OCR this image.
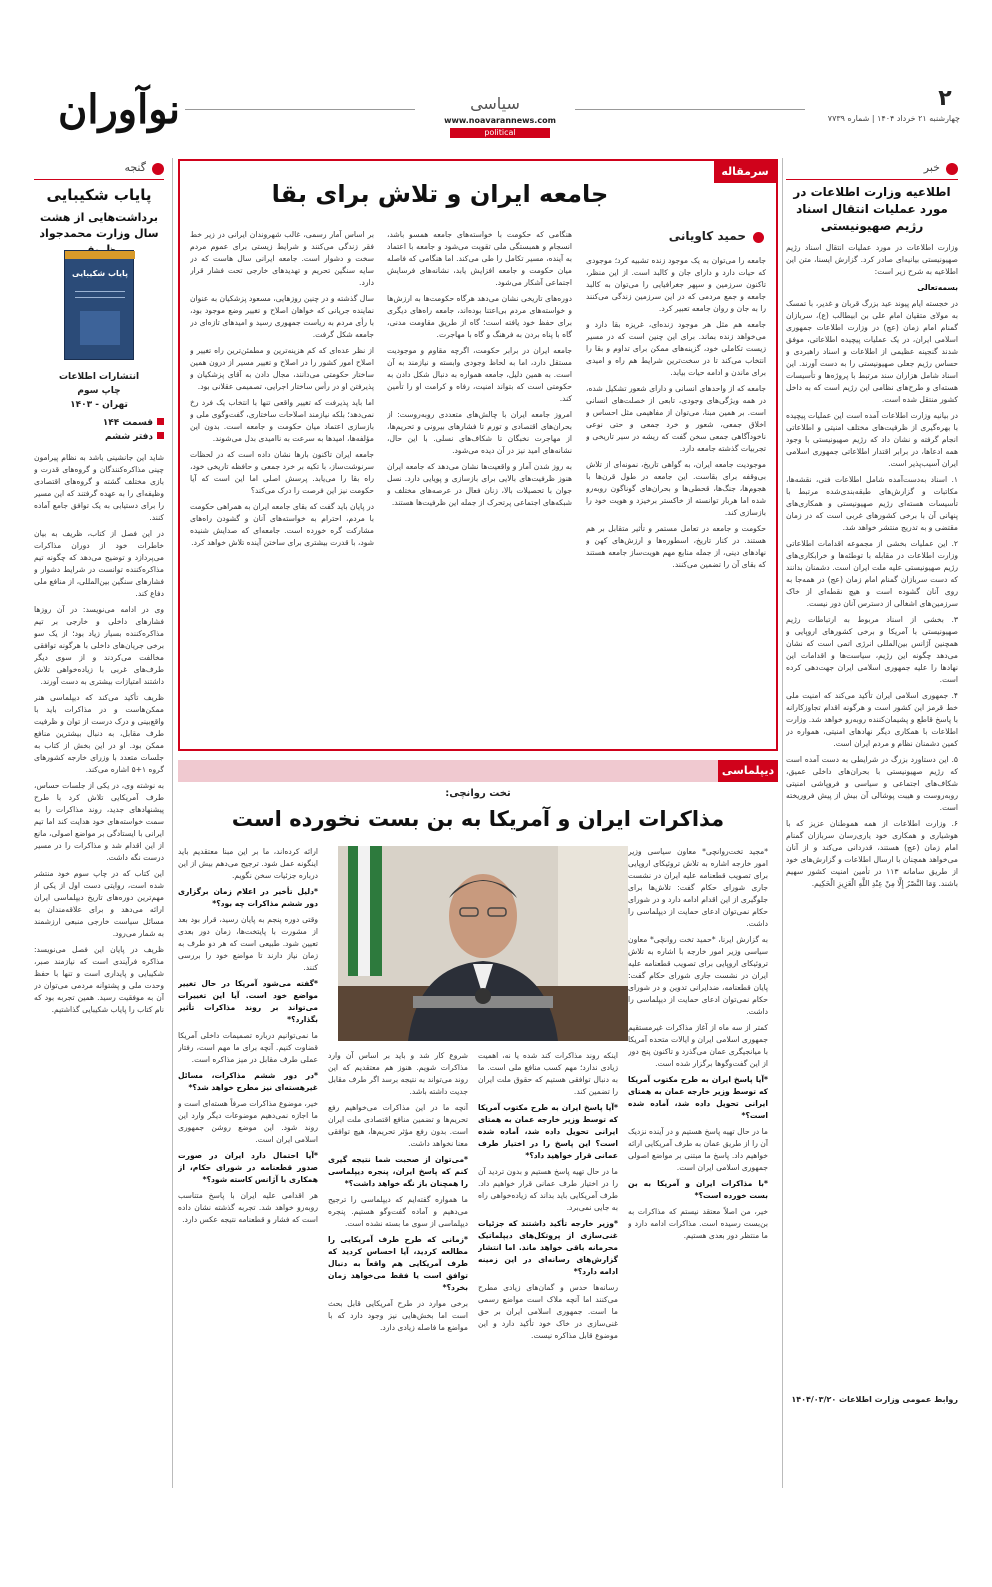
نوآوران	سیاسی
www.noavarannews.com
political
۲
چهارشنبه ۲۱ خرداد ۱۴۰۴ | شماره ۷۷۳۹
خبر
اطلاعیه وزارت اطلاعات در مورد عملیات انتقال اسناد رژیم صهیونیستی

وزارت اطلاعات در مورد عملیات انتقال اسناد رژیم صهیونیستی بیانیه‌ای صادر کرد. گزارش ایسنا، متن این اطلاعیه به شرح زیر است:

بسمه‌تعالی

در خجسته ایام پیوند عید بزرگ قربان و غدیر، با تمسک به مولای متقیان امام علی بن ابیطالب (ع)، سربازان گمنام امام زمان (عج) در وزارت اطلاعات جمهوری اسلامی ایران، در یک عملیات پیچیده اطلاعاتی، موفق شدند گنجینه عظیمی از اطلاعات و اسناد راهبردی و حساس رژیم جعلی صهیونیستی را به دست آورند. این اسناد شامل هزاران سند مرتبط با پروژه‌ها و تأسیسات هسته‌ای و طرح‌های نظامی این رژیم است که به داخل کشور منتقل شده است.

در بیانیه وزارت اطلاعات آمده است این عملیات پیچیده با بهره‌گیری از ظرفیت‌های مختلف امنیتی و اطلاعاتی انجام گرفته و نشان داد که رژیم صهیونیستی با وجود همه ادعاها، در برابر اقتدار اطلاعاتی جمهوری اسلامی ایران آسیب‌پذیر است.

۱. اسناد به‌دست‌آمده شامل اطلاعات فنی، نقشه‌ها، مکاتبات و گزارش‌های طبقه‌بندی‌شده مرتبط با تأسیسات هسته‌ای رژیم صهیونیستی و همکاری‌های پنهانی آن با برخی کشورهای غربی است که در زمان مقتضی و به تدریج منتشر خواهد شد.

۲. این عملیات بخشی از مجموعه اقدامات اطلاعاتی وزارت اطلاعات در مقابله با توطئه‌ها و خرابکاری‌های رژیم صهیونیستی علیه ملت ایران است. دشمنان بدانند که دست سربازان گمنام امام زمان (عج) در همه‌جا به روی آنان گشوده است و هیچ نقطه‌ای از خاک سرزمین‌های اشغالی از دسترس آنان دور نیست.

۳. بخشی از اسناد مربوط به ارتباطات رژیم صهیونیستی با آمریکا و برخی کشورهای اروپایی و همچنین آژانس بین‌المللی انرژی اتمی است که نشان می‌دهد چگونه این رژیم، سیاست‌ها و اقدامات این نهادها را علیه جمهوری اسلامی ایران جهت‌دهی کرده است.

۴. جمهوری اسلامی ایران تأکید می‌کند که امنیت ملی خط قرمز این کشور است و هرگونه اقدام تجاوزکارانه با پاسخ قاطع و پشیمان‌کننده روبه‌رو خواهد شد. وزارت اطلاعات با همکاری دیگر نهادهای امنیتی، همواره در کمین دشمنان نظام و مردم ایران است.

۵. این دستاورد بزرگ در شرایطی به دست آمده است که رژیم صهیونیستی با بحران‌های داخلی عمیق، شکاف‌های اجتماعی و سیاسی و فروپاشی امنیتی روبه‌روست و هیبت پوشالی آن بیش از پیش فروریخته است.

۶. وزارت اطلاعات از همه هموطنان عزیز که با هوشیاری و همکاری خود یاری‌رسان سربازان گمنام امام زمان (عج) هستند، قدردانی می‌کند و از آنان می‌خواهد همچنان با ارسال اطلاعات و گزارش‌های خود از طریق سامانه ۱۱۳ در تأمین امنیت کشور سهیم باشند. وَمَا النَّصْرُ إِلَّا مِنْ عِنْدِ اللَّهِ الْعَزِیزِ الْحَکِیم.

روابط عمومی وزارت اطلاعات ۱۴۰۴/۰۳/۲۰
گنجه
پایاب شکیبایی
برداشت‌هایی از هشت سال وزارت محمدجواد
پایاب شکیبایی
انتشارات اطلاعات
چاپ سوم
تهران - ۱۴۰۳
قسمت ۱۴۴
دفتر ششم

شاید این جانشینی باشد به نظام پیرامون چینی مذاکره‌کنندگان و گروه‌های قدرت و بازی مختلف گشته و گروه‌های اقتصادی وظیفه‌ای را به عهده گرفتند که این مسیر را برای دستیابی به یک توافق جامع آماده کنند.

در این فصل از کتاب، ظریف به بیان خاطرات خود از دوران مذاکرات می‌پردازد و توضیح می‌دهد که چگونه تیم مذاکره‌کننده توانست در شرایط دشوار و فشارهای سنگین بین‌المللی، از منافع ملی دفاع کند.

وی در ادامه می‌نویسد: در آن روزها فشارهای داخلی و خارجی بر تیم مذاکره‌کننده بسیار زیاد بود؛ از یک سو برخی جریان‌های داخلی با هرگونه توافقی مخالفت می‌کردند و از سوی دیگر طرف‌های غربی با زیاده‌خواهی تلاش داشتند امتیازات بیشتری به دست آورند.

ظریف تأکید می‌کند که دیپلماسی هنر ممکن‌هاست و در مذاکرات باید با واقع‌بینی و درک درست از توان و ظرفیت طرف مقابل، به دنبال بیشترین منافع ممکن بود. او در این بخش از کتاب به جلسات متعدد با وزرای خارجه کشورهای گروه ۱+۵ اشاره می‌کند.

به نوشته وی، در یکی از جلسات حساس، طرف آمریکایی تلاش کرد با طرح پیشنهادهای جدید، روند مذاکرات را به سمت خواسته‌های خود هدایت کند اما تیم ایرانی با ایستادگی بر مواضع اصولی، مانع از این اقدام شد و مذاکرات را در مسیر درست نگه داشت.

این کتاب که در چاپ سوم خود منتشر شده است، روایتی دست اول از یکی از مهم‌ترین دوره‌های تاریخ دیپلماسی ایران ارائه می‌دهد و برای علاقه‌مندان به مسائل سیاست خارجی منبعی ارزشمند به شمار می‌رود.

ظریف در پایان این فصل می‌نویسد: مذاکره فرآیندی است که نیازمند صبر، شکیبایی و پایداری است و تنها با حفظ وحدت ملی و پشتوانه مردمی می‌توان در آن به موفقیت رسید. همین تجربه بود که نام کتاب را پایاب شکیبایی گذاشتیم.

سرمقاله
جامعه ایران و تلاش برای بقا
حمید کاویانی

جامعه را می‌توان به یک موجود زنده تشبیه کرد؛ موجودی که حیات دارد و دارای جان و کالبد است. از این منظر، تاکنون سرزمین و سپهر جغرافیایی را می‌توان به کالبد جامعه و جمع مردمی که در این سرزمین زندگی می‌کنند را به جان و روان جامعه تعبیر کرد.

جامعه هم مثل هر موجود زنده‌ای، غریزه بقا دارد و می‌خواهد زنده بماند. برای این چنین است که در مسیر زیست تکاملی خود، گزینه‌های ممکن برای تداوم و بقا را انتخاب می‌کند تا در سخت‌ترین شرایط هم راه و امیدی برای ماندن و ادامه حیات بیابد.

جامعه که از واحدهای انسانی و دارای شعور تشکیل شده، در همه ویژگی‌های وجودی، تابعی از خصلت‌های انسانی است. بر همین مبنا، می‌توان از مفاهیمی مثل احساس و اخلاق جمعی، شعور و خرد جمعی و حتی نوعی ناخودآگاهی جمعی سخن گفت که ریشه در سیر تاریخی و تجربیات گذشته جامعه دارد.

موجودیت جامعه ایران، به گواهی تاریخ، نمونه‌ای از تلاش بی‌وقفه برای بقاست. این جامعه در طول قرن‌ها با هجوم‌ها، جنگ‌ها، قحطی‌ها و بحران‌های گوناگون روبه‌رو شده اما هربار توانسته از خاکستر برخیزد و هویت خود را بازسازی کند.

حکومت و جامعه در تعامل مستمر و تأثیر متقابل بر هم هستند. در کنار تاریخ، اسطوره‌ها و ارزش‌های کهن و نهادهای دینی، از جمله منابع مهم هویت‌ساز جامعه هستند که بقای آن را تضمین می‌کنند.

هنگامی که حکومت با خواسته‌های جامعه همسو باشد، انسجام و همبستگی ملی تقویت می‌شود و جامعه با اعتماد به آینده، مسیر تکامل را طی می‌کند. اما هنگامی که فاصله میان حکومت و جامعه افزایش یابد، نشانه‌های فرسایش اجتماعی آشکار می‌شود.

دوره‌های تاریخی نشان می‌دهد هرگاه حکومت‌ها به ارزش‌ها و خواسته‌های مردم بی‌اعتنا بوده‌اند، جامعه راه‌های دیگری برای حفظ خود یافته است؛ گاه از طریق مقاومت مدنی، گاه با پناه بردن به فرهنگ و گاه با مهاجرت.

جامعه ایران در برابر حکومت، اگرچه مقاوم و موجودیت مستقل دارد، اما به لحاظ وجودی وابسته و نیازمند به آن است. به همین دلیل، جامعه همواره به دنبال شکل دادن به حکومتی است که بتواند امنیت، رفاه و کرامت او را تأمین کند.

امروز جامعه ایران با چالش‌های متعددی روبه‌روست: از بحران‌های اقتصادی و تورم تا فشارهای بیرونی و تحریم‌ها، از مهاجرت نخبگان تا شکاف‌های نسلی. با این حال، نشانه‌های امید نیز در آن دیده می‌شود.

به روز شدن آمار و واقعیت‌ها نشان می‌دهد که جامعه ایران هنوز ظرفیت‌های بالایی برای بازسازی و پویایی دارد. نسل جوان با تحصیلات بالا، زنان فعال در عرصه‌های مختلف و شبکه‌های اجتماعی پرتحرک از جمله این ظرفیت‌ها هستند.

بر اساس آمار رسمی، غالب شهروندان ایرانی در زیر خط فقر زندگی می‌کنند و شرایط زیستی برای عموم مردم سخت و دشوار است. جامعه ایرانی سال هاست که در سایه سنگین تحریم و تهدیدهای خارجی تحت فشار قرار دارد.

سال گذشته و در چنین روزهایی، مسعود پزشکیان به عنوان نماینده جریانی که خواهان اصلاح و تغییر وضع موجود بود، با رأی مردم به ریاست جمهوری رسید و امیدهای تازه‌ای در جامعه شکل گرفت.

از نظر عده‌ای که کم هزینه‌ترین و مطمئن‌ترین راه تغییر و اصلاح امور کشور را در اصلاح و تغییر مسیر از درون همین ساختار حکومتی می‌دانند، مجال دادن به آقای پزشکیان و پذیرفتن او در رأس ساختار اجرایی، تصمیمی عقلانی بود.

اما باید پذیرفت که تغییر واقعی تنها با انتخاب یک فرد رخ نمی‌دهد؛ بلکه نیازمند اصلاحات ساختاری، گفت‌وگوی ملی و بازسازی اعتماد میان حکومت و جامعه است. بدون این مؤلفه‌ها، امیدها به سرعت به ناامیدی بدل می‌شوند.

جامعه ایران تاکنون بارها نشان داده است که در لحظات سرنوشت‌ساز، با تکیه بر خرد جمعی و حافظه تاریخی خود، راه بقا را می‌یابد. پرسش اصلی اما این است که آیا حکومت نیز این فرصت را درک می‌کند؟

در پایان باید گفت که بقای جامعه ایران به همراهی حکومت با مردم، احترام به خواسته‌های آنان و گشودن راه‌های مشارکت گره خورده است. جامعه‌ای که صدایش شنیده شود، با قدرت بیشتری برای ساختن آینده تلاش خواهد کرد.

دیپلماسی
تخت روانچی:
مذاکرات ایران و آمریکا به بن بست نخورده است

*مجید تخت‌روانچی* معاون سیاسی وزیر امور خارجه اشاره به تلاش تروئیکای اروپایی برای تصویب قطعنامه علیه ایران در نشست جاری شورای حکام گفت: تلاش‌ها برای جلوگیری از این اقدام ادامه دارد و در شورای حکام نمی‌توان ادعای حمایت از دیپلماسی را داشت.

به گزارش ایرنا، *حمید تخت روانچی* معاون سیاسی وزیر امور خارجه با اشاره به تلاش تروئیکای اروپایی برای تصویب قطعنامه علیه ایران در نشست جاری شورای حکام گفت: پایان قطعنامه، ضدایرانی تدوین و در شورای حکام نمی‌توان ادعای حمایت از دیپلماسی را داشت.

کمتر از سه ماه از آغاز مذاکرات غیرمستقیم جمهوری اسلامی ایران و ایالات متحده آمریکا با میانجیگری عمان می‌گذرد و تاکنون پنج دور از این گفت‌وگوها برگزار شده است.

*آیا پاسخ ایران به طرح مکتوب آمریکا که توسط وزیر خارجه عمان به همتای ایرانی تحویل داده شد، آماده شده است؟*

ما در حال تهیه پاسخ هستیم و در آینده نزدیک آن را از طریق عمان به طرف آمریکایی ارائه خواهیم داد. پاسخ ما مبتنی بر مواضع اصولی جمهوری اسلامی ایران است.

*با مذاکرات ایران و آمریکا به بن بست خورده است؟*

خیر، من اصلاً معتقد نیستم که مذاکرات به بن‌بست رسیده است. مذاکرات ادامه دارد و ما منتظر دور بعدی هستیم.

اینکه روند مذاکرات کند شده یا نه، اهمیت زیادی ندارد؛ مهم کسب منافع ملی است. ما به دنبال توافقی هستیم که حقوق ملت ایران را تضمین کند.

*آیا پاسخ ایران به طرح مکتوب آمریکا که توسط وزیر خارجه عمان به همتای ایرانی تحویل داده شد، آماده شده است؟ این پاسخ را در اختیار طرف عمانی قرار خواهید داد؟*

ما در حال تهیه پاسخ هستیم و بدون تردید آن را در اختیار طرف عمانی قرار خواهیم داد. طرف آمریکایی باید بداند که زیاده‌خواهی راه به جایی نمی‌برد.

*وزیر خارجه تأکید داشتند که جزئیات غنی‌سازی از پروتکل‌های دیپلماتیک محرمانه باقی خواهد ماند. اما انتشار گزارش‌های رسانه‌ای در این زمینه ادامه دارد؟*

رسانه‌ها حدس و گمان‌های زیادی مطرح می‌کنند اما آنچه ملاک است مواضع رسمی ما است. جمهوری اسلامی ایران بر حق غنی‌سازی در خاک خود تأکید دارد و این موضوع قابل مذاکره نیست.

شروع کار شد و باید بر اساس آن وارد مذاکرات شویم. هنوز هم معتقدیم که این روند می‌تواند به نتیجه برسد اگر طرف مقابل جدیت داشته باشد.

آنچه ما در این مذاکرات می‌خواهیم رفع تحریم‌ها و تضمین منافع اقتصادی ملت ایران است. بدون رفع مؤثر تحریم‌ها، هیچ توافقی معنا نخواهد داشت.

*می‌توان از صحبت شما نتیجه گیری کنم که پاسخ ایران، پنجره دیپلماسی را همچنان باز نگه خواهد داشت؟*

ما همواره گفته‌ایم که دیپلماسی را ترجیح می‌دهیم و آماده گفت‌وگو هستیم. پنجره دیپلماسی از سوی ما بسته نشده است.

*زمانی که طرح طرف آمریکایی را مطالعه کردید، آیا احساس کردید که طرف آمریکایی هم واقعاً به دنبال توافق است یا فقط می‌خواهد زمان بخرد؟*

برخی موارد در طرح آمریکایی قابل بحث است اما بخش‌هایی نیز وجود دارد که با مواضع ما فاصله زیادی دارد.

ارائه کرده‌اند، ما بر این مبنا معتقدیم باید اینگونه عمل شود. ترجیح می‌دهم بیش از این درباره جزئیات سخن نگویم.

*دلیل تأخیر در اعلام زمان برگزاری دور ششم مذاکرات چه بود؟*

وقتی دوره پنجم به پایان رسید، قرار بود بعد از مشورت با پایتخت‌ها، زمان دور بعدی تعیین شود. طبیعی است که هر دو طرف به زمان نیاز دارند تا مواضع خود را بررسی کنند.

*گفته می‌شود آمریکا در حال تغییر مواضع خود است. آیا این تغییرات می‌تواند بر روند مذاکرات تأثیر بگذارد؟*

ما نمی‌توانیم درباره تصمیمات داخلی آمریکا قضاوت کنیم. آنچه برای ما مهم است، رفتار عملی طرف مقابل در میز مذاکره است.

*در دور ششم مذاکرات، مسائل غیرهسته‌ای نیز مطرح خواهد شد؟*

خیر، موضوع مذاکرات صرفاً هسته‌ای است و ما اجازه نمی‌دهیم موضوعات دیگر وارد این روند شود. این موضع روشن جمهوری اسلامی ایران است.

*آیا احتمال دارد ایران در صورت صدور قطعنامه در شورای حکام، از همکاری با آژانس کاسته شود؟*

هر اقدامی علیه ایران با پاسخ متناسب روبه‌رو خواهد شد. تجربه گذشته نشان داده است که فشار و قطعنامه نتیجه عکس دارد.
